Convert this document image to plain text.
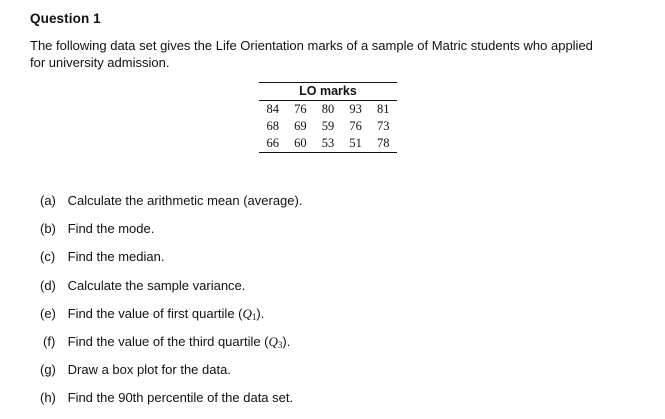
Question 1
The following data set gives the Life Orientation marks of a sample of Matric students who applied
for university admission.
LO marks				
84	76	80	93	81
68	69	59	76	73
66	60	53	51	78
(a) Calculate the arithmetic mean (average).
(b) Find the mode.
(c) Find the median.
(d) Calculate the sample variance.
(e) Find the value of first quartile $(Q_1)$.
(f) Find the value of the third quartile $(Q_3)$.
(g) Draw a box plot for the data.
(h) Find the 90th percentile of the data set.
